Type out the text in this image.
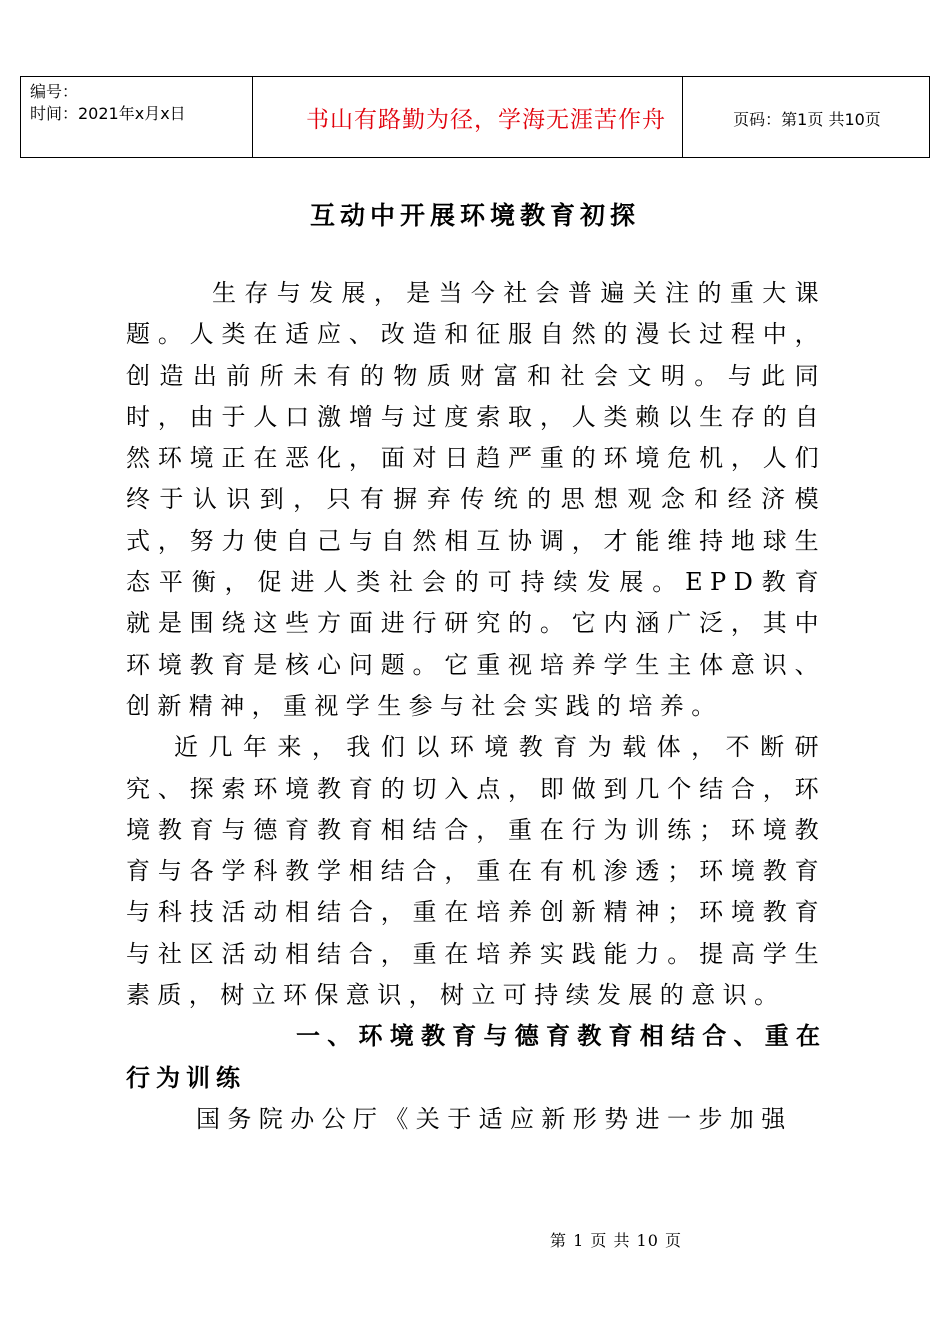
编号：
时间：2021年x月x日	书山有路勤为径，学海无涯苦作舟	页码：第1页 共10页
互动中开展环境教育初探

生存与发展，是当今社会普遍关注的重大课题。人类在适应、改造和征服自然的漫长过程中，创造出前所未有的物质财富和社会文明。与此同时，由于人口激增与过度索取，人类赖以生存的自然环境正在恶化，面对日趋严重的环境危机，人们终于认识到，只有摒弃传统的思想观念和经济模式，努力使自己与自然相互协调，才能维持地球生态平衡，促进人类社会的可持续发展。EPD教育就是围绕这些方面进行研究的。它内涵广泛，其中环境教育是核心问题。它重视培养学生主体意识、创新精神，重视学生参与社会实践的培养。

近几年来，我们以环境教育为载体，不断研究、探索环境教育的切入点，即做到几个结合，环境教育与德育教育相结合，重在行为训练；环境教育与各学科教学相结合，重在有机渗透；环境教育与科技活动相结合，重在培养创新精神；环境教育与社区活动相结合，重在培养实践能力。提高学生素质，树立环保意识，树立可持续发展的意识。

一、环境教育与德育教育相结合、重在行为训练

国务院办公厅《关于适应新形势进一步加强

第 1 页 共 10 页
